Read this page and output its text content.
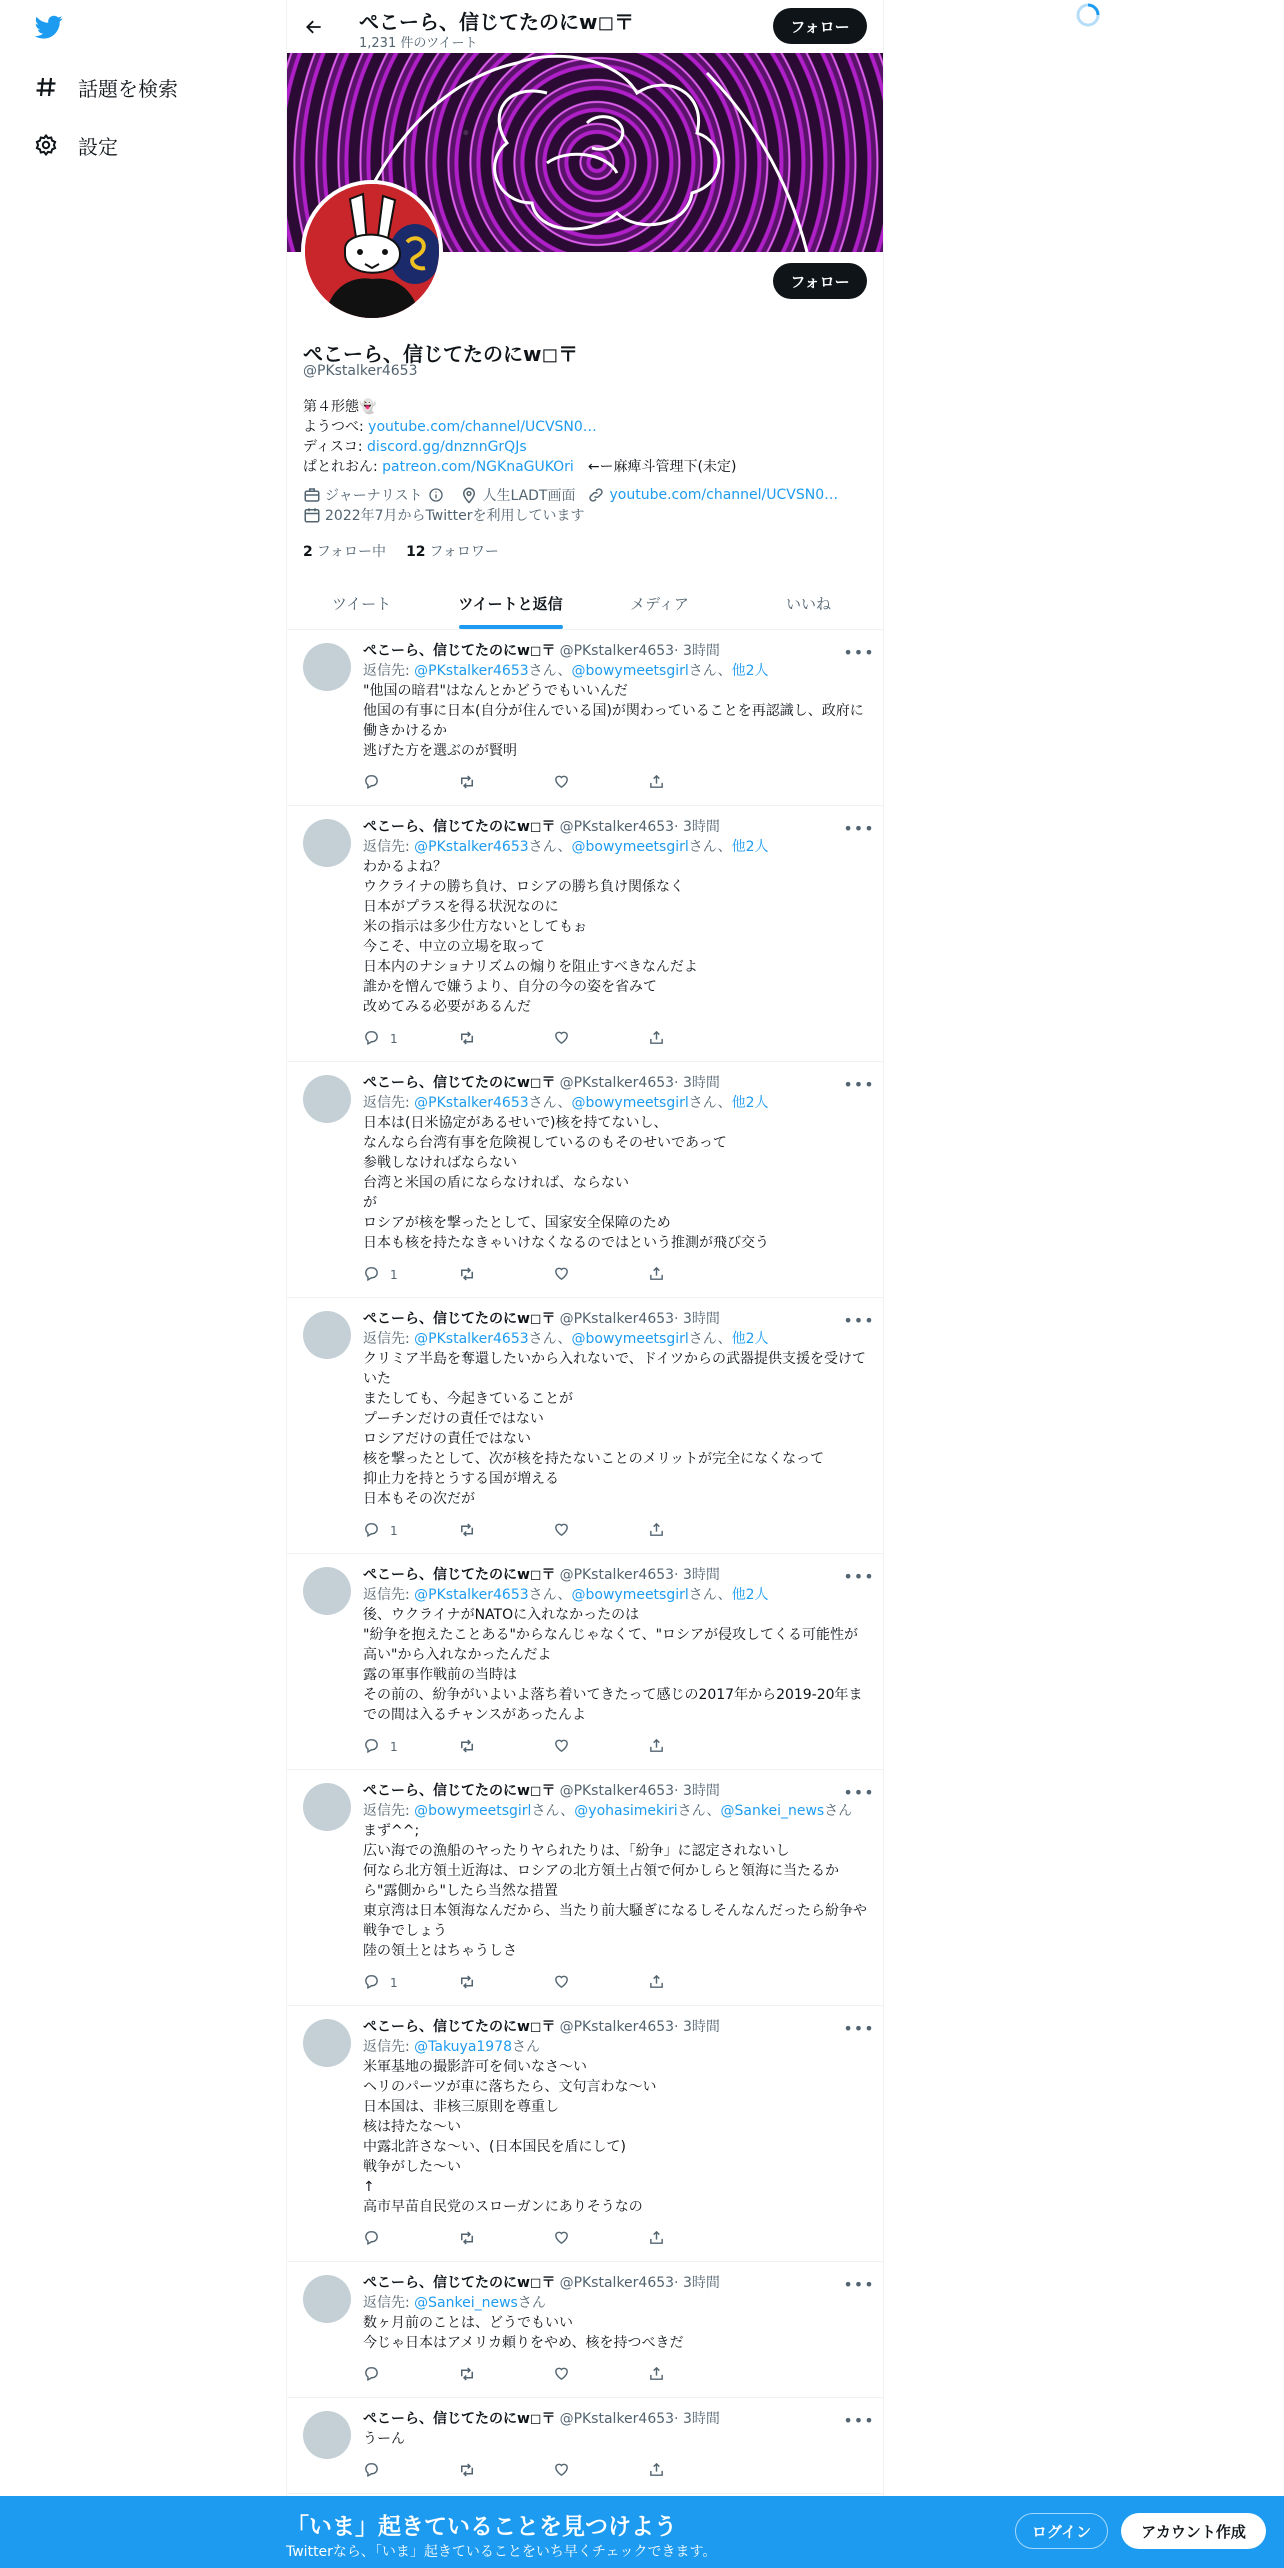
話題を検索
設定
ぺこーら、信じてたのにw◻︎〒
1,231 件のツイート
フォロー
フォロー
ぺこーら、信じてたのにw◻︎〒
@PKstalker4653
第４形態👻
ようつべ: youtube.com/channel/UCVSN0…
ディスコ: discord.gg/dnznnGrQJs
ぱとれおん: patreon.com/NGKnaGUKOri　←ー麻痺斗管理下(未定)
ジャーナリスト	人生LADT画面 youtube.com/channel/UCVSN0…
2022年7月からTwitterを利用しています
2 フォロー中 12 フォロワー
ツイート	ツイートと返信	メディア	いいね
•••
ぺこーら、信じてたのにw◻︎〒 @PKstalker4653 · 3時間
返信先: @PKstalker4653さん、@bowymeetsgirlさん、他2人
"他国の暗君"はなんとかどうでもいいんだ
他国の有事に日本(自分が住んでいる国)が関わっていることを再認識し、政府に働きかけるか
逃げた方を選ぶのが賢明
•••
ぺこーら、信じてたのにw◻︎〒 @PKstalker4653 · 3時間
返信先: @PKstalker4653さん、@bowymeetsgirlさん、他2人
わかるよね？
ウクライナの勝ち負け、ロシアの勝ち負け関係なく
日本がプラスを得る状況なのに
米の指示は多少仕方ないとしてもぉ
今こそ、中立の立場を取って
日本内のナショナリズムの煽りを阻止すべきなんだよ
誰かを憎んで嫌うより、自分の今の姿を省みて
改めてみる必要があるんだ
1
•••
ぺこーら、信じてたのにw◻︎〒 @PKstalker4653 · 3時間
返信先: @PKstalker4653さん、@bowymeetsgirlさん、他2人
日本は(日米協定があるせいで)核を持てないし、
なんなら台湾有事を危険視しているのもそのせいであって
参戦しなければならない
台湾と米国の盾にならなければ、ならない
が
ロシアが核を撃ったとして、国家安全保障のため
日本も核を持たなきゃいけなくなるのではという推測が飛び交う
1
•••
ぺこーら、信じてたのにw◻︎〒 @PKstalker4653 · 3時間
返信先: @PKstalker4653さん、@bowymeetsgirlさん、他2人
クリミア半島を奪還したいから入れないで、ドイツからの武器提供支援を受けていた
またしても、今起きていることが
プーチンだけの責任ではない
ロシアだけの責任ではない
核を撃ったとして、次が核を持たないことのメリットが完全になくなって
抑止力を持とうする国が増える
日本もその次だが
1
•••
ぺこーら、信じてたのにw◻︎〒 @PKstalker4653 · 3時間
返信先: @PKstalker4653さん、@bowymeetsgirlさん、他2人
後、ウクライナがNATOに入れなかったのは
"紛争を抱えたことある"からなんじゃなくて、"ロシアが侵攻してくる可能性が高い"から入れなかったんだよ
露の軍事作戦前の当時は
その前の、紛争がいよいよ落ち着いてきたって感じの2017年から2019-20年までの間は入るチャンスがあったんよ
1
•••
ぺこーら、信じてたのにw◻︎〒 @PKstalker4653 · 3時間
返信先: @bowymeetsgirlさん、@yohasimekiriさん、@Sankei_newsさん
まず^^;
広い海での漁船のヤったりヤられたりは、「紛争」に認定されないし
何なら北方領土近海は、ロシアの北方領土占領で何かしらと領海に当たるから"露側から"したら当然な措置
東京湾は日本領海なんだから、当たり前大騒ぎになるしそんなんだったら紛争や戦争でしょう
陸の領土とはちゃうしさ
1
•••
ぺこーら、信じてたのにw◻︎〒 @PKstalker4653 · 3時間
返信先: @Takuya1978さん
米軍基地の撮影許可を伺いなさ〜い
ヘリのパーツが車に落ちたら、文句言わな〜い
日本国は、非核三原則を尊重し
核は持たな〜い
中露北許さな〜い、(日本国民を盾にして)
戦争がした〜い
↑
高市早苗自民党のスローガンにありそうなの
•••
ぺこーら、信じてたのにw◻︎〒 @PKstalker4653 · 3時間
返信先: @Sankei_newsさん
数ヶ月前のことは、どうでもいい
今じゃ日本はアメリカ頼りをやめ、核を持つべきだ
•••
ぺこーら、信じてたのにw◻︎〒 @PKstalker4653 · 3時間
うーん
「いま」起きていることを見つけよう
Twitterなら、「いま」起きていることをいち早くチェックできます。
ログイン	アカウント作成
